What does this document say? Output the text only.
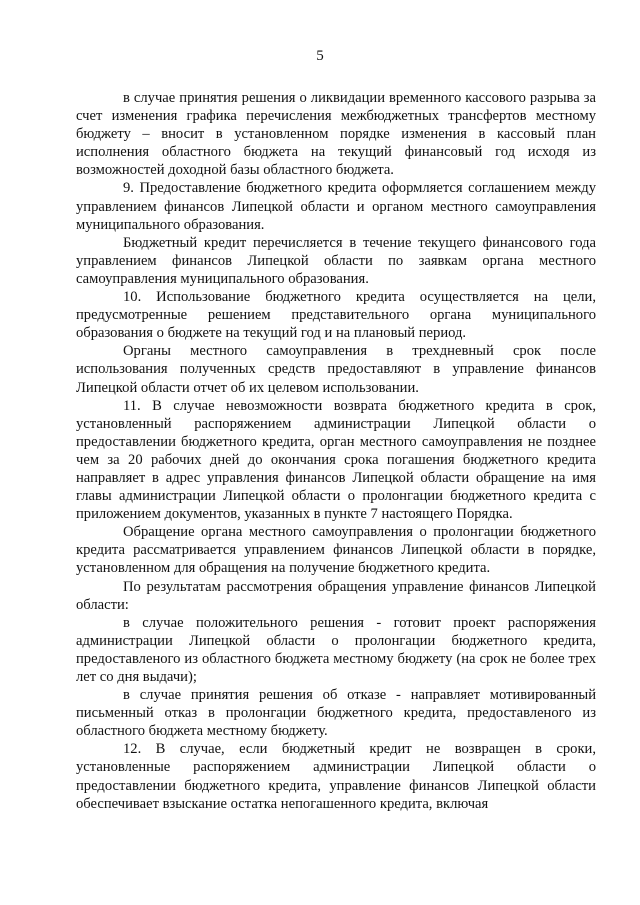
5

в случае принятия решения о ликвидации временного кассового разрыва за счет изменения графика перечисления межбюджетных трансфертов местному бюджету – вносит в установленном порядке изменения в кассовый план исполнения областного бюджета на текущий финансовый год исходя из возможностей доходной базы областного бюджета.

9. Предоставление бюджетного кредита оформляется соглашением между управлением финансов Липецкой области и органом местного самоуправления муниципального образования.

Бюджетный кредит перечисляется в течение текущего финансового года управлением финансов Липецкой области по заявкам органа местного самоуправления муниципального образования.

10. Использование бюджетного кредита осуществляется на цели, предусмотренные решением представительного органа муниципального образования о бюджете на текущий год и на плановый период.

Органы местного самоуправления в трехдневный срок после использования полученных средств предоставляют в управление финансов Липецкой области отчет об их целевом использовании.

11. В случае невозможности возврата бюджетного кредита в срок, установленный распоряжением администрации Липецкой области о предоставлении бюджетного кредита, орган местного самоуправления не позднее чем за 20 рабочих дней до окончания срока погашения бюджетного кредита направляет в адрес управления финансов Липецкой области обращение на имя главы администрации Липецкой области о пролонгации бюджетного кредита с приложением документов, указанных в пункте 7 настоящего Порядка.

Обращение органа местного самоуправления о пролонгации бюджетного кредита рассматривается управлением финансов Липецкой области в порядке, установленном для обращения на получение бюджетного кредита.

По результатам рассмотрения обращения управление финансов Липецкой области:

в случае положительного решения - готовит проект распоряжения администрации Липецкой области о пролонгации бюджетного кредита, предоставленого из областного бюджета местному бюджету (на срок не более трех лет со дня выдачи);

в случае принятия решения об отказе - направляет мотивированный письменный отказ в пролонгации бюджетного кредита, предоставленого из областного бюджета местному бюджету.

12. В случае, если бюджетный кредит не возвращен в сроки, установленные распоряжением администрации Липецкой области о предоставлении бюджетного кредита, управление финансов Липецкой области обеспечивает взыскание остатка непогашенного кредита, включая
